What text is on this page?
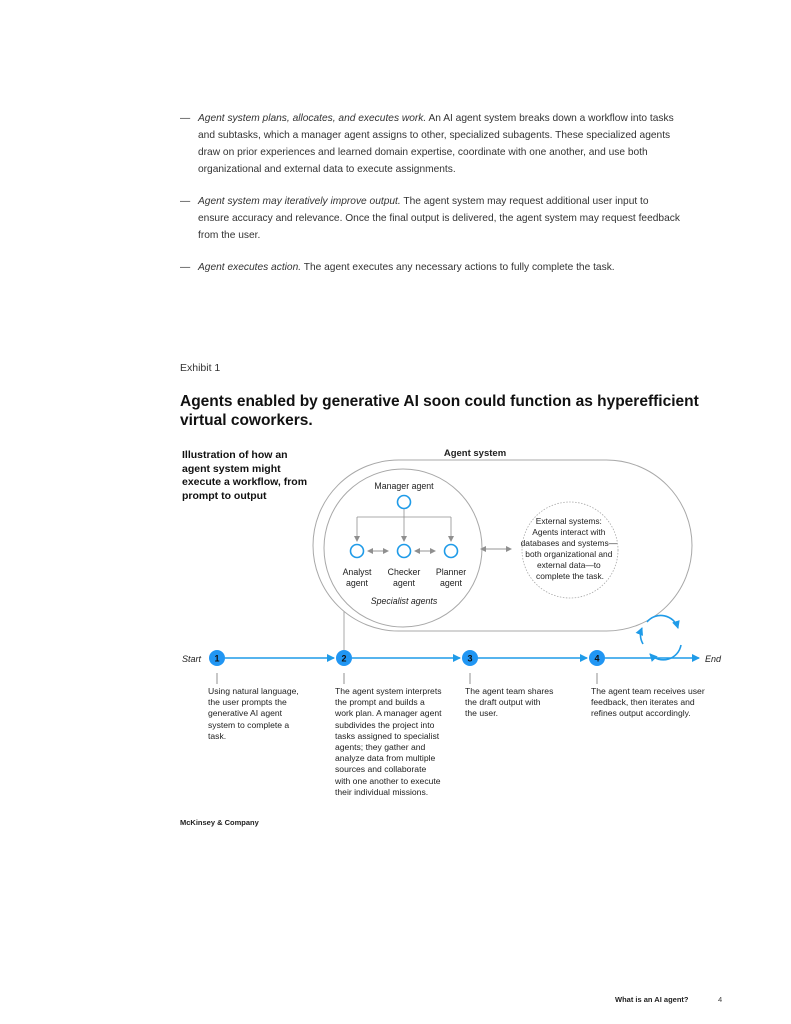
— Agent system plans, allocates, and executes work. An AI agent system breaks down a workflow into tasks and subtasks, which a manager agent assigns to other, specialized subagents. These specialized agents draw on prior experiences and learned domain expertise, coordinate with one another, and use both organizational and external data to execute assignments.
— Agent system may iteratively improve output. The agent system may request additional user input to ensure accuracy and relevance. Once the final output is delivered, the agent system may request feedback from the user.
— Agent executes action. The agent executes any necessary actions to fully complete the task.
Exhibit 1
Agents enabled by generative AI soon could function as hyperefficient virtual coworkers.
Illustration of how an agent system might execute a workflow, from prompt to output
Agent system
Manager agent
Analyst agent
Checker agent
Planner agent
Specialist agents
External systems: Agents interact with databases and systems— both organizational and external data—to complete the task.
Start	End
1	2	3	4
Using natural language,
the user prompts the
generative AI agent
system to complete a
task.
The agent system interprets
the prompt and builds a
work plan. A manager agent
subdivides the project into
tasks assigned to specialist
agents; they gather and
analyze data from multiple
sources and collaborate
with one another to execute
their individual missions.
The agent team shares
the draft output with
the user.
The agent team receives user
feedback, then iterates and
refines output accordingly.
McKinsey & Company
What is an AI agent?	4
